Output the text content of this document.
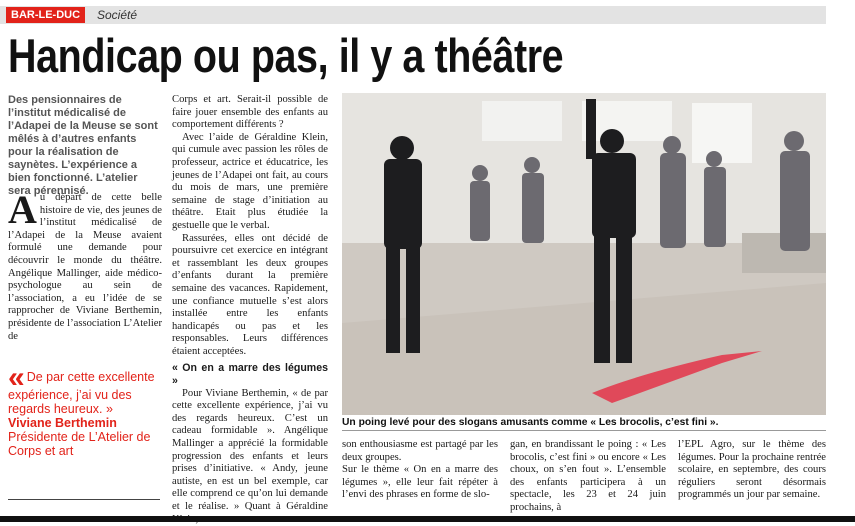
BAR-LE-DUC	Société
Handicap ou pas, il y a théâtre
Des pensionnaires de l’institut médicalisé de l’Adapei de la Meuse se sont mêlés à d’autres enfants pour la réalisation de saynètes. L’expérience a bien fonctionné. L’atelier sera pérennisé.
Au départ de cette belle histoire de vie, des jeunes de l’institut médicalisé de l’Adapei de la Meuse avaient formulé une demande pour découvrir le monde du théâtre. Angélique Mallinger, aide médico-psychologue au sein de l’association, a eu l’idée de se rapprocher de Viviane Berthemin, présidente de l’association L’Atelier de
« De par cette excellente expérience, j’ai vu des regards heureux. »
Viviane Berthemin
Présidente de L’Atelier de Corps et art

Corps et art. Serait-il possible de faire jouer ensemble des enfants au comportement différents ?

Avec l’aide de Géraldine Klein, qui cumule avec passion les rôles de professeur, actrice et éducatrice, les jeunes de l’Adapei ont fait, au cours du mois de mars, une première semaine de stage d’initiation au théâtre. Etait plus étudiée la gestuelle que le verbal.

Rassurées, elles ont décidé de poursuivre cet exercice en intégrant et rassemblant les deux groupes d’enfants durant la première semaine des vacances. Rapidement, une confiance mutuelle s’est alors installée entre les enfants handicapés ou pas et les responsables. Leurs différences étaient acceptées.

« On en a marre des légumes »

Pour Viviane Berthemin, « de par cette excellente expérience, j’ai vu des regards heureux. C’est un cadeau formidable ». Angélique Mallinger a apprécié la formidable progression des enfants et leurs prises d’initiative. « Andy, jeune autiste, en est un bel exemple, car elle comprend ce qu’on lui demande et le réalise. » Quant à Géraldine

Un poing levé pour des slogans amusants comme « Les brocolis, c’est fini ».
son enthousiasme est partagé par les deux groupes.
Sur le thème « On en a marre des légumes », elle leur fait répéter à l’envi des phrases en forme de slo-
gan, en brandissant le poing : « Les brocolis, c’est fini » ou encore « Les choux, on s’en fout ». L’ensemble des enfants participera à un spectacle, les 23 et 24 juin prochains, à
l’EPL Agro, sur le thème des légumes. Pour la prochaine rentrée scolaire, en septembre, des cours réguliers seront désormais programmés un jour par semaine.
